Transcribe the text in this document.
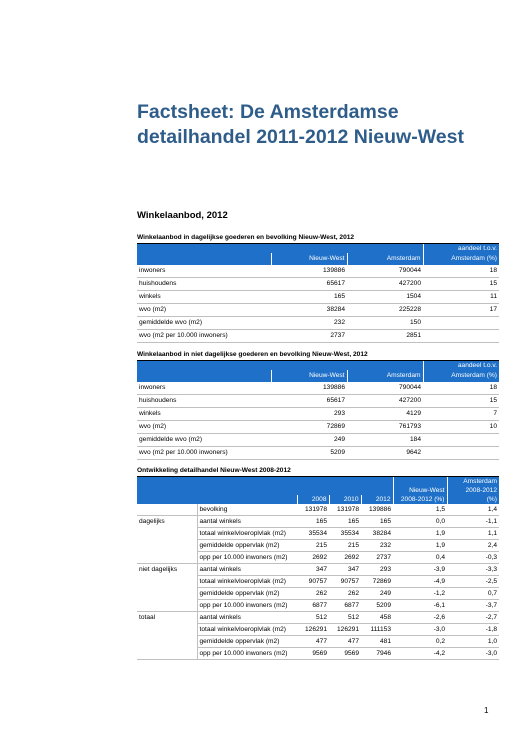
Factsheet: De Amsterdamse
detailhandel 2011-2012 Nieuw-West
Winkelaanbod, 2012
Winkelaanbod in dagelijkse goederen en bevolking Nieuw-West, 2012
			aandeel t.o.v.
	Nieuw-West	Amsterdam	Amsterdam (%)
inwoners	139886	790044	18
huishoudens	65617	427200	15
winkels	165	1504	11
wvo (m2)	38284	225228	17
gemiddelde wvo (m2)	232	150	
wvo (m2 per 10.000 inwoners)	2737	2851	
Winkelaanbod in niet dagelijkse goederen en bevolking Nieuw-West, 2012
			aandeel t.o.v.
	Nieuw-West	Amsterdam	Amsterdam (%)
inwoners	139886	790044	18
huishoudens	65617	427200	15
winkels	293	4129	7
wvo (m2)	72869	761793	10
gemiddelde wvo (m2)	249	184	
wvo (m2 per 10.000 inwoners)	5209	9642	
Ontwikkeling detailhandel Nieuw-West 2008-2012
						Amsterdam
					Nieuw-West	2008-2012
		2008	2010	2012	2008-2012 (%)	(%)
	bevolking	131978	131978	139886	1,5	1,4
dagelijks	aantal winkels	165	165	165	0,0	-1,1
	totaal winkelvloeroplvlak (m2)	35534	35534	38284	1,9	1,1
	gemiddelde oppervlak (m2)	215	215	232	1,9	2,4
	opp per 10.000 inwoners (m2)	2692	2692	2737	0,4	-0,3
niet dagelijks	aantal winkels	347	347	293	-3,9	-3,3
	totaal winkelvloeroplvlak (m2)	90757	90757	72869	-4,9	-2,5
	gemiddelde oppervlak (m2)	262	262	249	-1,2	0,7
	opp per 10.000 inwoners (m2)	6877	6877	5209	-6,1	-3,7
totaal	aantal winkels	512	512	458	-2,6	-2,7
	totaal winkelvloeroplvlak (m2)	126291	126291	111153	-3,0	-1,8
	gemiddelde oppervlak (m2)	477	477	481	0,2	1,0
	opp per 10.000 inwoners (m2)	9569	9569	7946	-4,2	-3,0
1
